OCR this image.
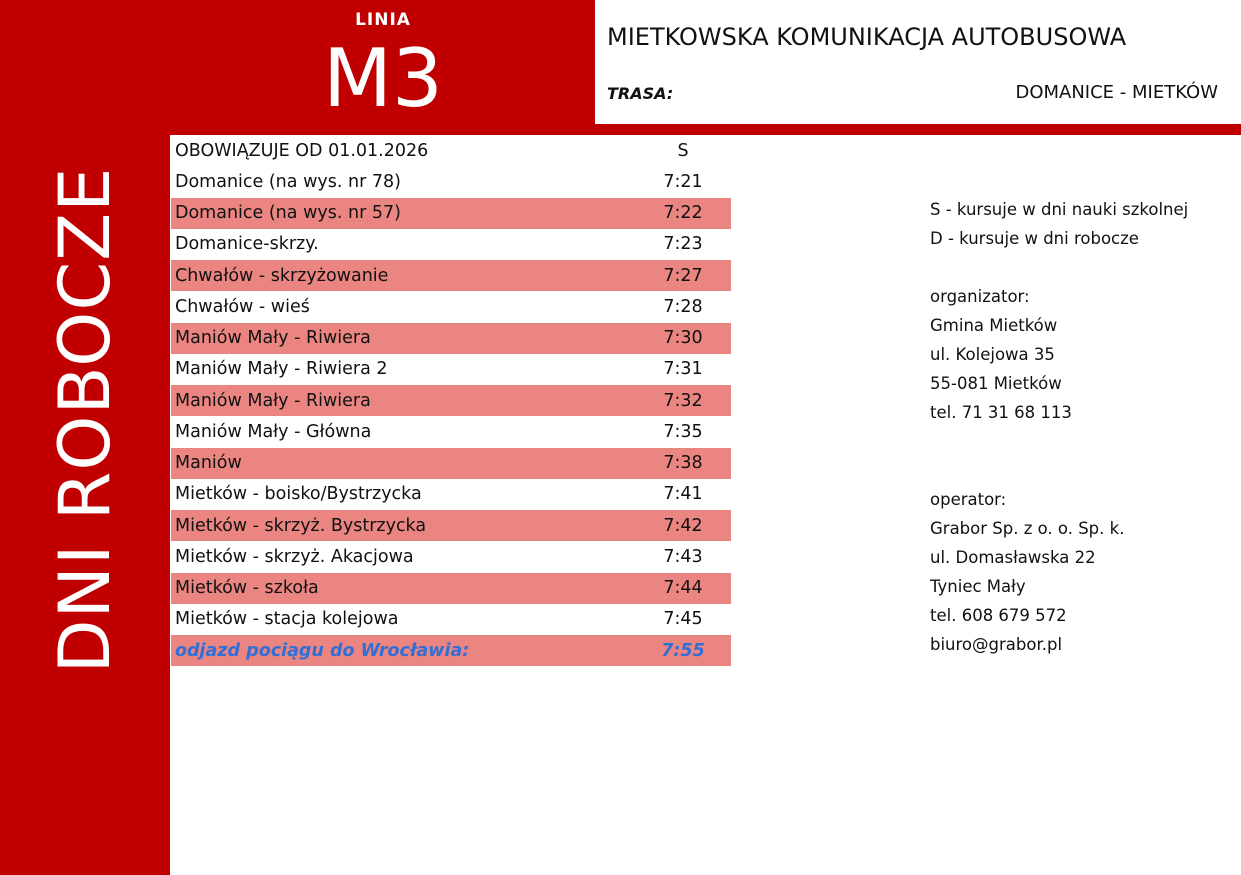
LINIA
M3
DNI ROBOCZE
MIETKOWSKA KOMUNIKACJA AUTOBUSOWA
TRASA:	DOMANICE - MIETKÓW
OBOWIĄZUJE OD 01.01.2026	S
Domanice (na wys. nr 78)	7:21
Domanice (na wys. nr 57)	7:22
Domanice-skrzy.	7:23
Chwałów - skrzyżowanie	7:27
Chwałów - wieś	7:28
Maniów Mały - Riwiera	7:30
Maniów Mały - Riwiera 2	7:31
Maniów Mały - Riwiera	7:32
Maniów Mały - Główna	7:35
Maniów	7:38
Mietków - boisko/Bystrzycka	7:41
Mietków - skrzyż. Bystrzycka	7:42
Mietków - skrzyż. Akacjowa	7:43
Mietków - szkoła	7:44
Mietków - stacja kolejowa	7:45
odjazd pociągu do Wrocławia:	7:55

S - kursuje w dni nauki szkolnej

D - kursuje w dni robocze

organizator:

Gmina Mietków

ul. Kolejowa 35

55-081 Mietków

tel. 71 31 68 113

operator:

Grabor Sp. z o. o. Sp. k.

ul. Domasławska 22

Tyniec Mały

tel. 608 679 572

biuro@grabor.pl
